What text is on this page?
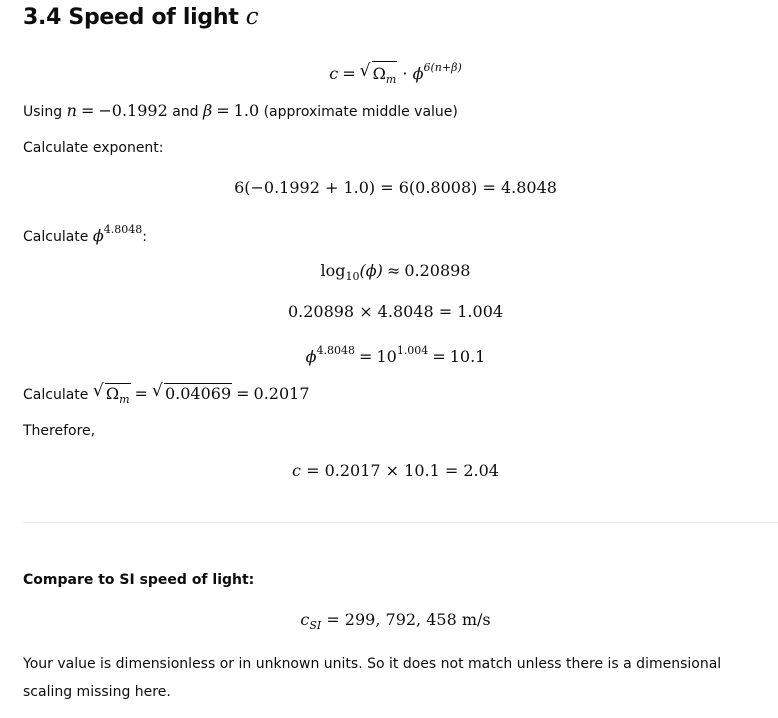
3.4 Speed of light c
c = √ $\Omega_m \cdot \phi^{6(n+\beta)}$
Using n = −0.1992 and β = 1.0 (approximate middle value)
Calculate exponent:
6(−0.1992 + 1.0) = 6(0.8008) = 4.8048
Calculate $\phi^{4.8048}$:
$\log_{10}(\phi) \approx 0.20898$
0.20898 × 4.8048 = 1.004
$\phi^{4.8048} = 10^{1.004} = 10.1$
Calculate √ $\Omega_m$ = √ 0.04069 = 0.2017
Therefore,
c = 0.2017 × 10.1 = 2.04
Compare to SI speed of light:
$c_{SI} = 299$, 792, 458 m/s
Your value is dimensionless or in unknown units. So it does not match unless there is a dimensional scaling missing here.
